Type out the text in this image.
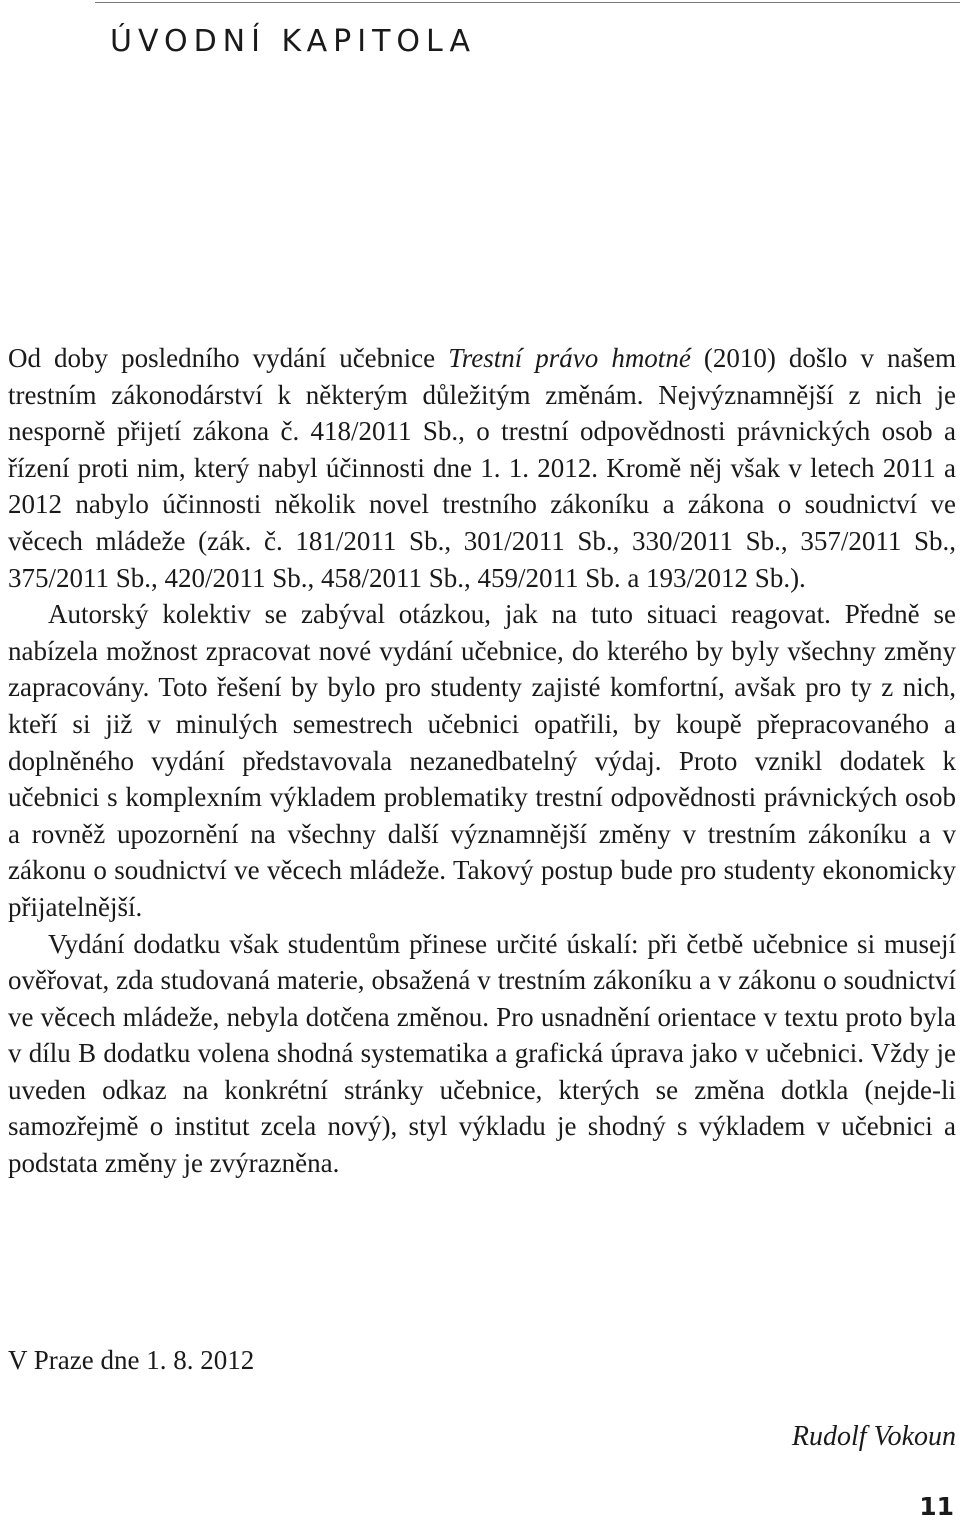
ÚVODNÍ KAPITOLA

Od doby posledního vydání učebnice Trestní právo hmotné (2010) došlo v našem trestním zákonodárství k některým důležitým změnám. Nejvýznamnější z nich je nesporně přijetí zákona č. 418/2011 Sb., o trestní odpovědnosti právnických osob a řízení proti nim, který nabyl účinnosti dne 1. 1. 2012. Kromě něj však v letech 2011 a 2012 nabylo účinnosti několik novel trestního zákoníku a zákona o soudnictví ve věcech mládeže (zák. č. 181/2011 Sb., 301/2011 Sb., 330/2011 Sb., 357/2011 Sb., 375/2011 Sb., 420/2011 Sb., 458/2011 Sb., 459/2011 Sb. a 193/2012 Sb.).

Autorský kolektiv se zabýval otázkou, jak na tuto situaci reagovat. Předně se nabízela možnost zpracovat nové vydání učebnice, do kterého by byly všechny změny zapracovány. Toto řešení by bylo pro studenty zajisté komfortní, avšak pro ty z nich, kteří si již v minulých semestrech učebnici opatřili, by koupě přepracovaného a doplněného vydání představovala nezanedbatelný výdaj. Proto vznikl dodatek k učebnici s komplexním výkladem problematiky trestní odpovědnosti právnických osob a rovněž upozornění na všechny další významnější změny v trestním zákoníku a v zákonu o soudnictví ve věcech mládeže. Takový postup bude pro studenty ekonomicky přijatelnější.

Vydání dodatku však studentům přinese určité úskalí: při četbě učebnice si musejí ověřovat, zda studovaná materie, obsažená v trestním zákoníku a v zákonu o soudnictví ve věcech mládeže, nebyla dotčena změnou. Pro usnadnění orientace v textu proto byla v dílu B dodatku volena shodná systematika a grafická úprava jako v učebnici. Vždy je uveden odkaz na konkrétní stránky učebnice, kterých se změna dotkla (nejde-li samozřejmě o institut zcela nový), styl výkladu je shodný s výkladem v učebnici a podstata změny je zvýrazněna.

V Praze dne 1. 8. 2012
Rudolf Vokoun
11
